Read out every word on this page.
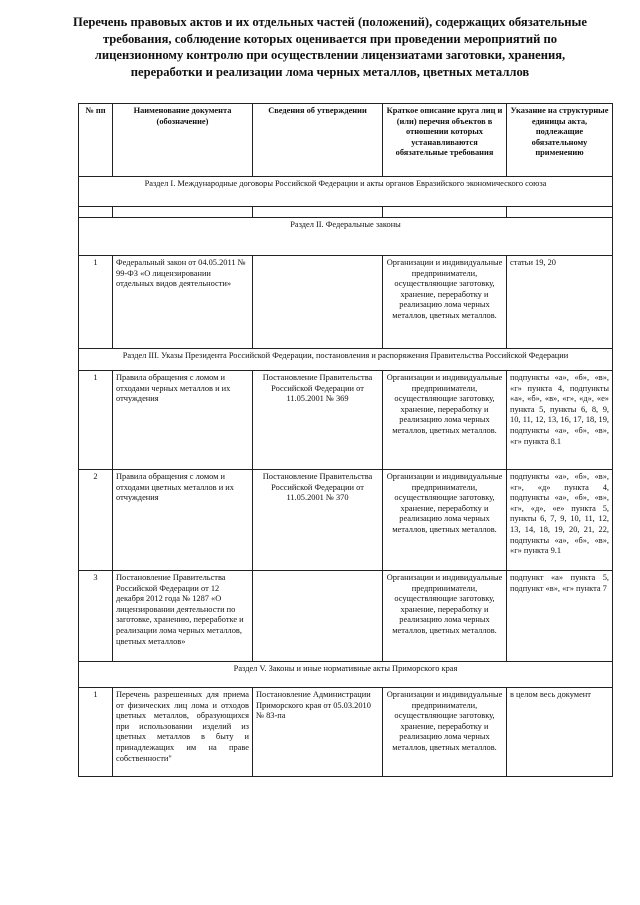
Перечень правовых актов и их отдельных частей (положений), содержащих обязательные требования, соблюдение которых оценивается при проведении мероприятий по лицензионному контролю при осуществлении лицензиатами заготовки, хранения, переработки и реализации лома черных металлов, цветных металлов
№ пп	Наименование документа (обозначение)	Сведения об утверждении	Краткое описание круга лиц и (или) перечня объектов в отношении которых устанавливаются обязательные требования	Указание на структурные единицы акта, подлежащие обязательному применению
Раздел I. Международные договоры Российской Федерации и акты органов Евразийского экономического союза				

Раздел II. Федеральные законы				
1	Федеральный закон от 04.05.2011 № 99-ФЗ «О лицензировании отдельных видов деятельности»		Организации и индивидуальные предприниматели, осуществляющие заготовку, хранение, переработку и реализацию лома черных металлов, цветных металлов.	статьи 19, 20
Раздел III. Указы Президента Российской Федерации, постановления и распоряжения Правительства Российской Федерации				
1	Правила обращения с ломом и отходами черных металлов и их отчуждения	Постановление Правительства Российской Федерации от 11.05.2001 № 369	Организации и индивидуальные предприниматели, осуществляющие заготовку, хранение, переработку и реализацию лома черных металлов, цветных металлов.	подпункты «а», «б», «в», «г» пункта 4, подпункты «а», «б», «в», «г», «д», «е» пункта 5, пункты 6, 8, 9, 10, 11, 12, 13, 16, 17, 18, 19, подпункты «а», «б», «в», «г» пункта 8.1
2	Правила обращения с ломом и отходами цветных металлов и их отчуждения	Постановление Правительства Российской Федерации от 11.05.2001 № 370	Организации и индивидуальные предприниматели, осуществляющие заготовку, хранение, переработку и реализацию лома черных металлов, цветных металлов.	подпункты «а», «б», «в», «г», «д» пункта 4, подпункты «а», «б», «в», «г», «д», «е» пункта 5, пункты 6, 7, 9, 10, 11, 12, 13, 14, 18, 19, 20, 21, 22, подпункты «а», «б», «в», «г» пункта 9.1
3	Постановление Правительства Российской Федерации от 12 декабря 2012 года № 1287 «О лицензировании деятельности по заготовке, хранению, переработке и реализации лома черных металлов, цветных металлов»		Организации и индивидуальные предприниматели, осуществляющие заготовку, хранение, переработку и реализацию лома черных металлов, цветных металлов.	подпункт «а» пункта 5, подпункт «в», «г» пункта 7
Раздел V. Законы и иные нормативные акты Приморского края				
1	Перечень разрешенных для приема от физических лиц лома и отходов цветных металлов, образующихся при использовании изделий из цветных металлов в быту и принадлежащих им на праве собственности"	Постановление Администрации Приморского края от 05.03.2010 № 83-па	Организации и индивидуальные предприниматели, осуществляющие заготовку, хранение, переработку и реализацию лома черных металлов, цветных металлов.	в целом весь документ
